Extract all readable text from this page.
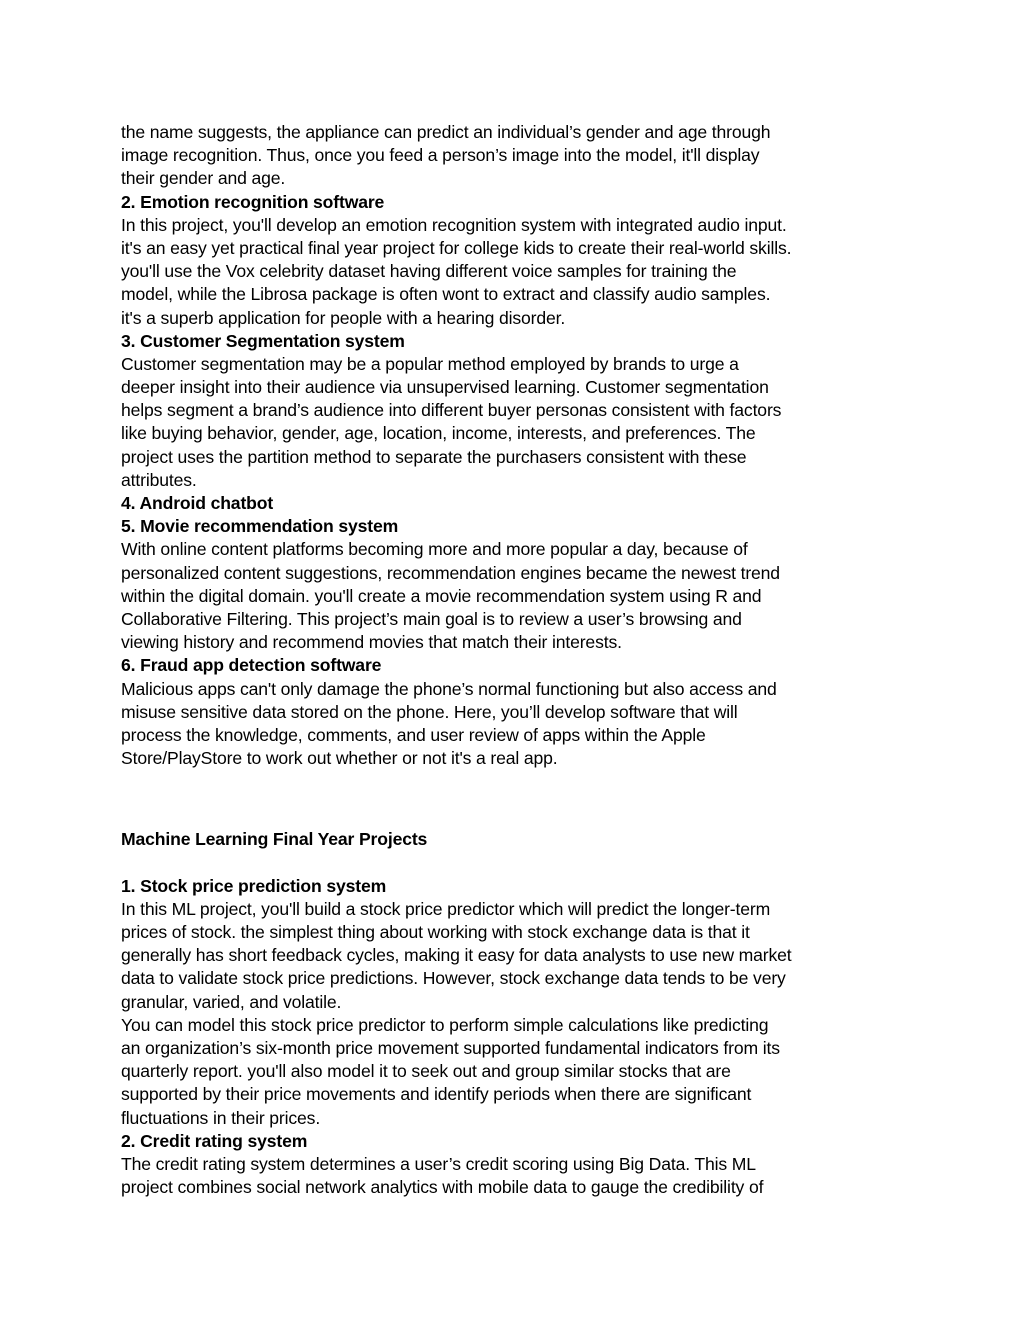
the name suggests, the appliance can predict an individual’s gender and age through
image recognition. Thus, once you feed a person’s image into the model, it'll display
their gender and age.
2. Emotion recognition software
In this project, you'll develop an emotion recognition system with integrated audio input.
it's an easy yet practical final year project for college kids to create their real-world skills.
you'll use the Vox celebrity dataset having different voice samples for training the
model, while the Librosa package is often wont to extract and classify audio samples.
it's a superb application for people with a hearing disorder.
3. Customer Segmentation system
Customer segmentation may be a popular method employed by brands to urge a
deeper insight into their audience via unsupervised learning. Customer segmentation
helps segment a brand’s audience into different buyer personas consistent with factors
like buying behavior, gender, age, location, income, interests, and preferences. The
project uses the partition method to separate the purchasers consistent with these
attributes.
4. Android chatbot
5. Movie recommendation system
With online content platforms becoming more and more popular a day, because of
personalized content suggestions, recommendation engines became the newest trend
within the digital domain. you'll create a movie recommendation system using R and
Collaborative Filtering. This project’s main goal is to review a user’s browsing and
viewing history and recommend movies that match their interests.
6. Fraud app detection software
Malicious apps can't only damage the phone’s normal functioning but also access and
misuse sensitive data stored on the phone. Here, you’ll develop software that will
process the knowledge, comments, and user review of apps within the Apple
Store/PlayStore to work out whether or not it's a real app.
Machine Learning Final Year Projects
1. Stock price prediction system
In this ML project, you'll build a stock price predictor which will predict the longer-term
prices of stock. the simplest thing about working with stock exchange data is that it
generally has short feedback cycles, making it easy for data analysts to use new market
data to validate stock price predictions. However, stock exchange data tends to be very
granular, varied, and volatile.
You can model this stock price predictor to perform simple calculations like predicting
an organization’s six-month price movement supported fundamental indicators from its
quarterly report. you'll also model it to seek out and group similar stocks that are
supported by their price movements and identify periods when there are significant
fluctuations in their prices.
2. Credit rating system
The credit rating system determines a user’s credit scoring using Big Data. This ML
project combines social network analytics with mobile data to gauge the credibility of
